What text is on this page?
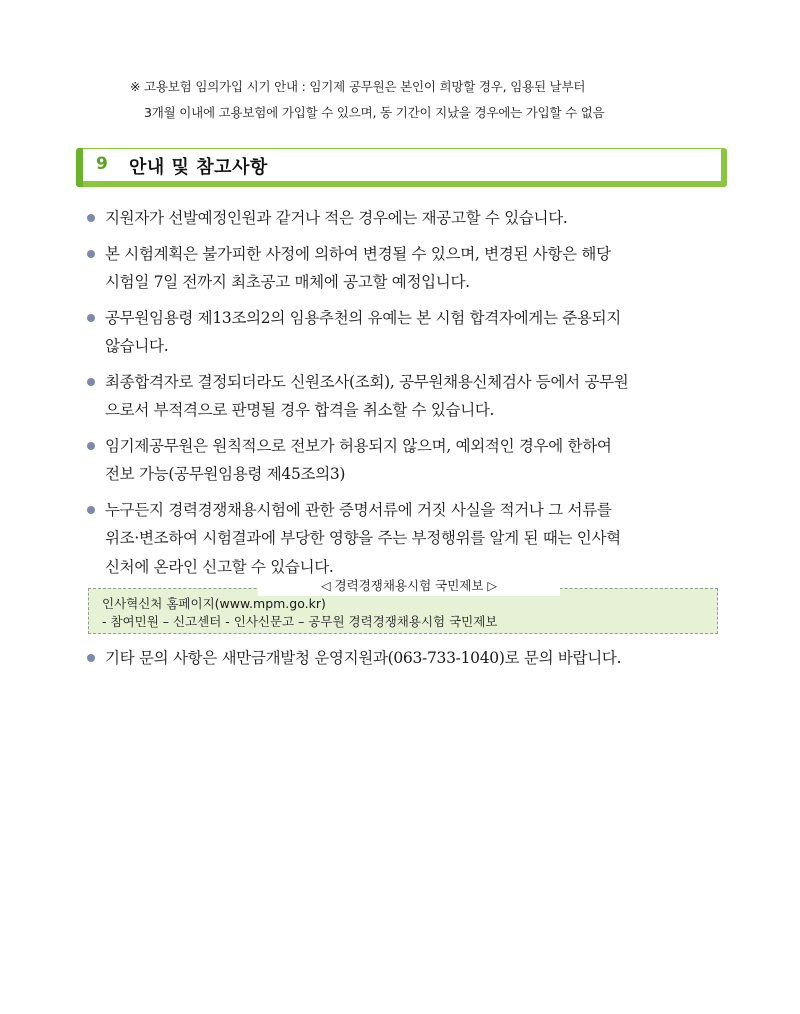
※ 고용보험 임의가입 시기 안내 : 임기제 공무원은 본인이 희망할 경우, 임용된 날부터
3개월 이내에 고용보험에 가입할 수 있으며, 동 기간이 지났을 경우에는 가입할 수 없음
9 안내 및 참고사항
지원자가 선발예정인원과 같거나 적은 경우에는 재공고할 수 있습니다.
본 시험계획은 불가피한 사정에 의하여 변경될 수 있으며, 변경된 사항은 해당
시험일 7일 전까지 최초공고 매체에 공고할 예정입니다.
공무원임용령 제13조의2의 임용추천의 유예는 본 시험 합격자에게는 준용되지
않습니다.
최종합격자로 결정되더라도 신원조사(조회), 공무원채용신체검사 등에서 공무원
으로서 부적격으로 판명될 경우 합격을 취소할 수 있습니다.
임기제공무원은 원칙적으로 전보가 허용되지 않으며, 예외적인 경우에 한하여
전보 가능(공무원임용령 제45조의3)
누구든지 경력경쟁채용시험에 관한 증명서류에 거짓 사실을 적거나 그 서류를
위조·변조하여 시험결과에 부당한 영향을 주는 부정행위를 알게 된 때는 인사혁
신처에 온라인 신고할 수 있습니다.
◁ 경력경쟁채용시험 국민제보 ▷
인사혁신처 홈페이지(www.mpm.go.kr)
- 참여민원 – 신고센터 - 인사신문고 – 공무원 경력경쟁채용시험 국민제보
기타 문의 사항은 새만금개발청 운영지원과(063-733-1040)로 문의 바랍니다.
